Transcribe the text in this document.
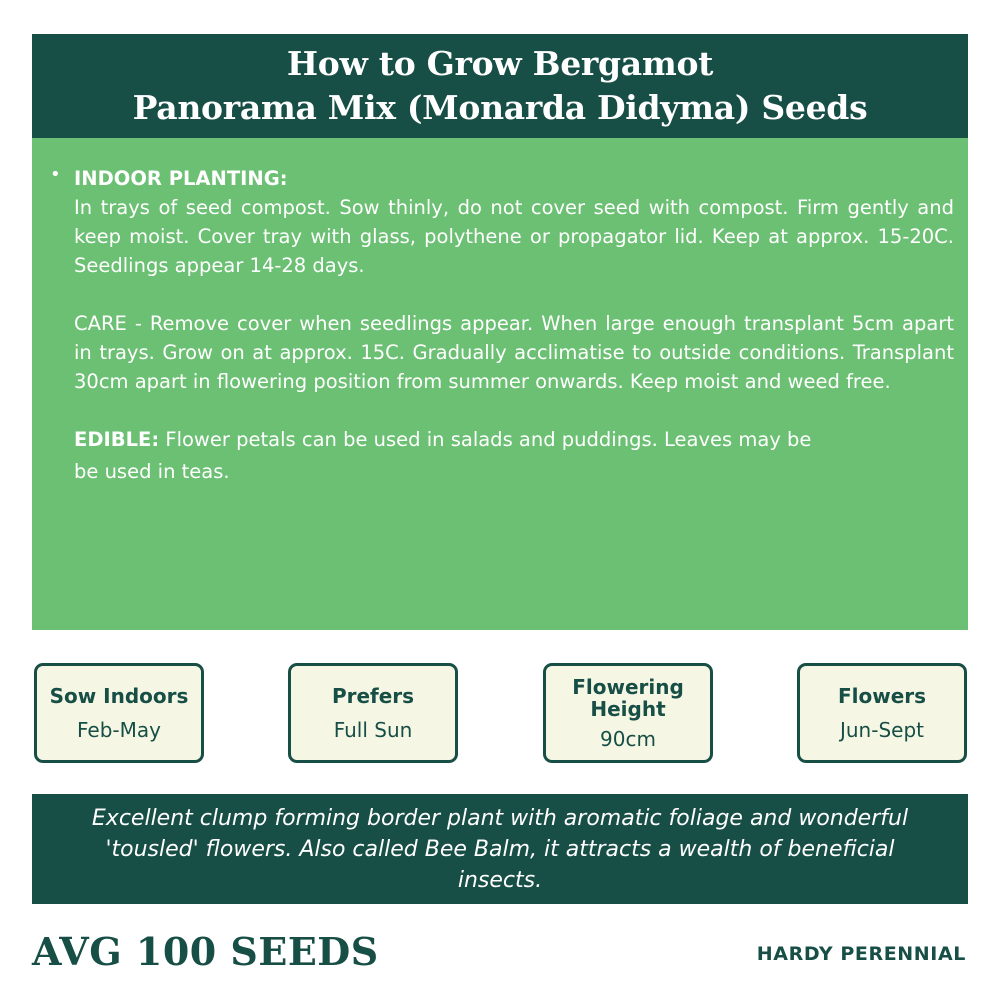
How to Grow Bergamot
Panorama Mix (Monarda Didyma) Seeds
• INDOOR PLANTING:

In trays of seed compost. Sow thinly, do not cover seed with compost. Firm gently and keep moist. Cover tray with glass, polythene or propagator lid. Keep at approx. 15-20C. Seedlings appear 14-28 days.

CARE - Remove cover when seedlings appear. When large enough transplant 5cm apart in trays. Grow on at approx. 15C. Gradually acclimatise to outside conditions. Transplant 30cm apart in flowering position from summer onwards. Keep moist and weed free.

EDIBLE: Flower petals can be used in salads and puddings. Leaves may be

be used in teas.

Sow Indoors
Feb-May
Prefers
Full Sun
Flowering Height
90cm
Flowers
Jun-Sept
Excellent clump forming border plant with aromatic foliage and wonderful 'tousled' flowers. Also called Bee Balm, it attracts a wealth of beneficial insects.
AVG 100 SEEDS	HARDY PERENNIAL
